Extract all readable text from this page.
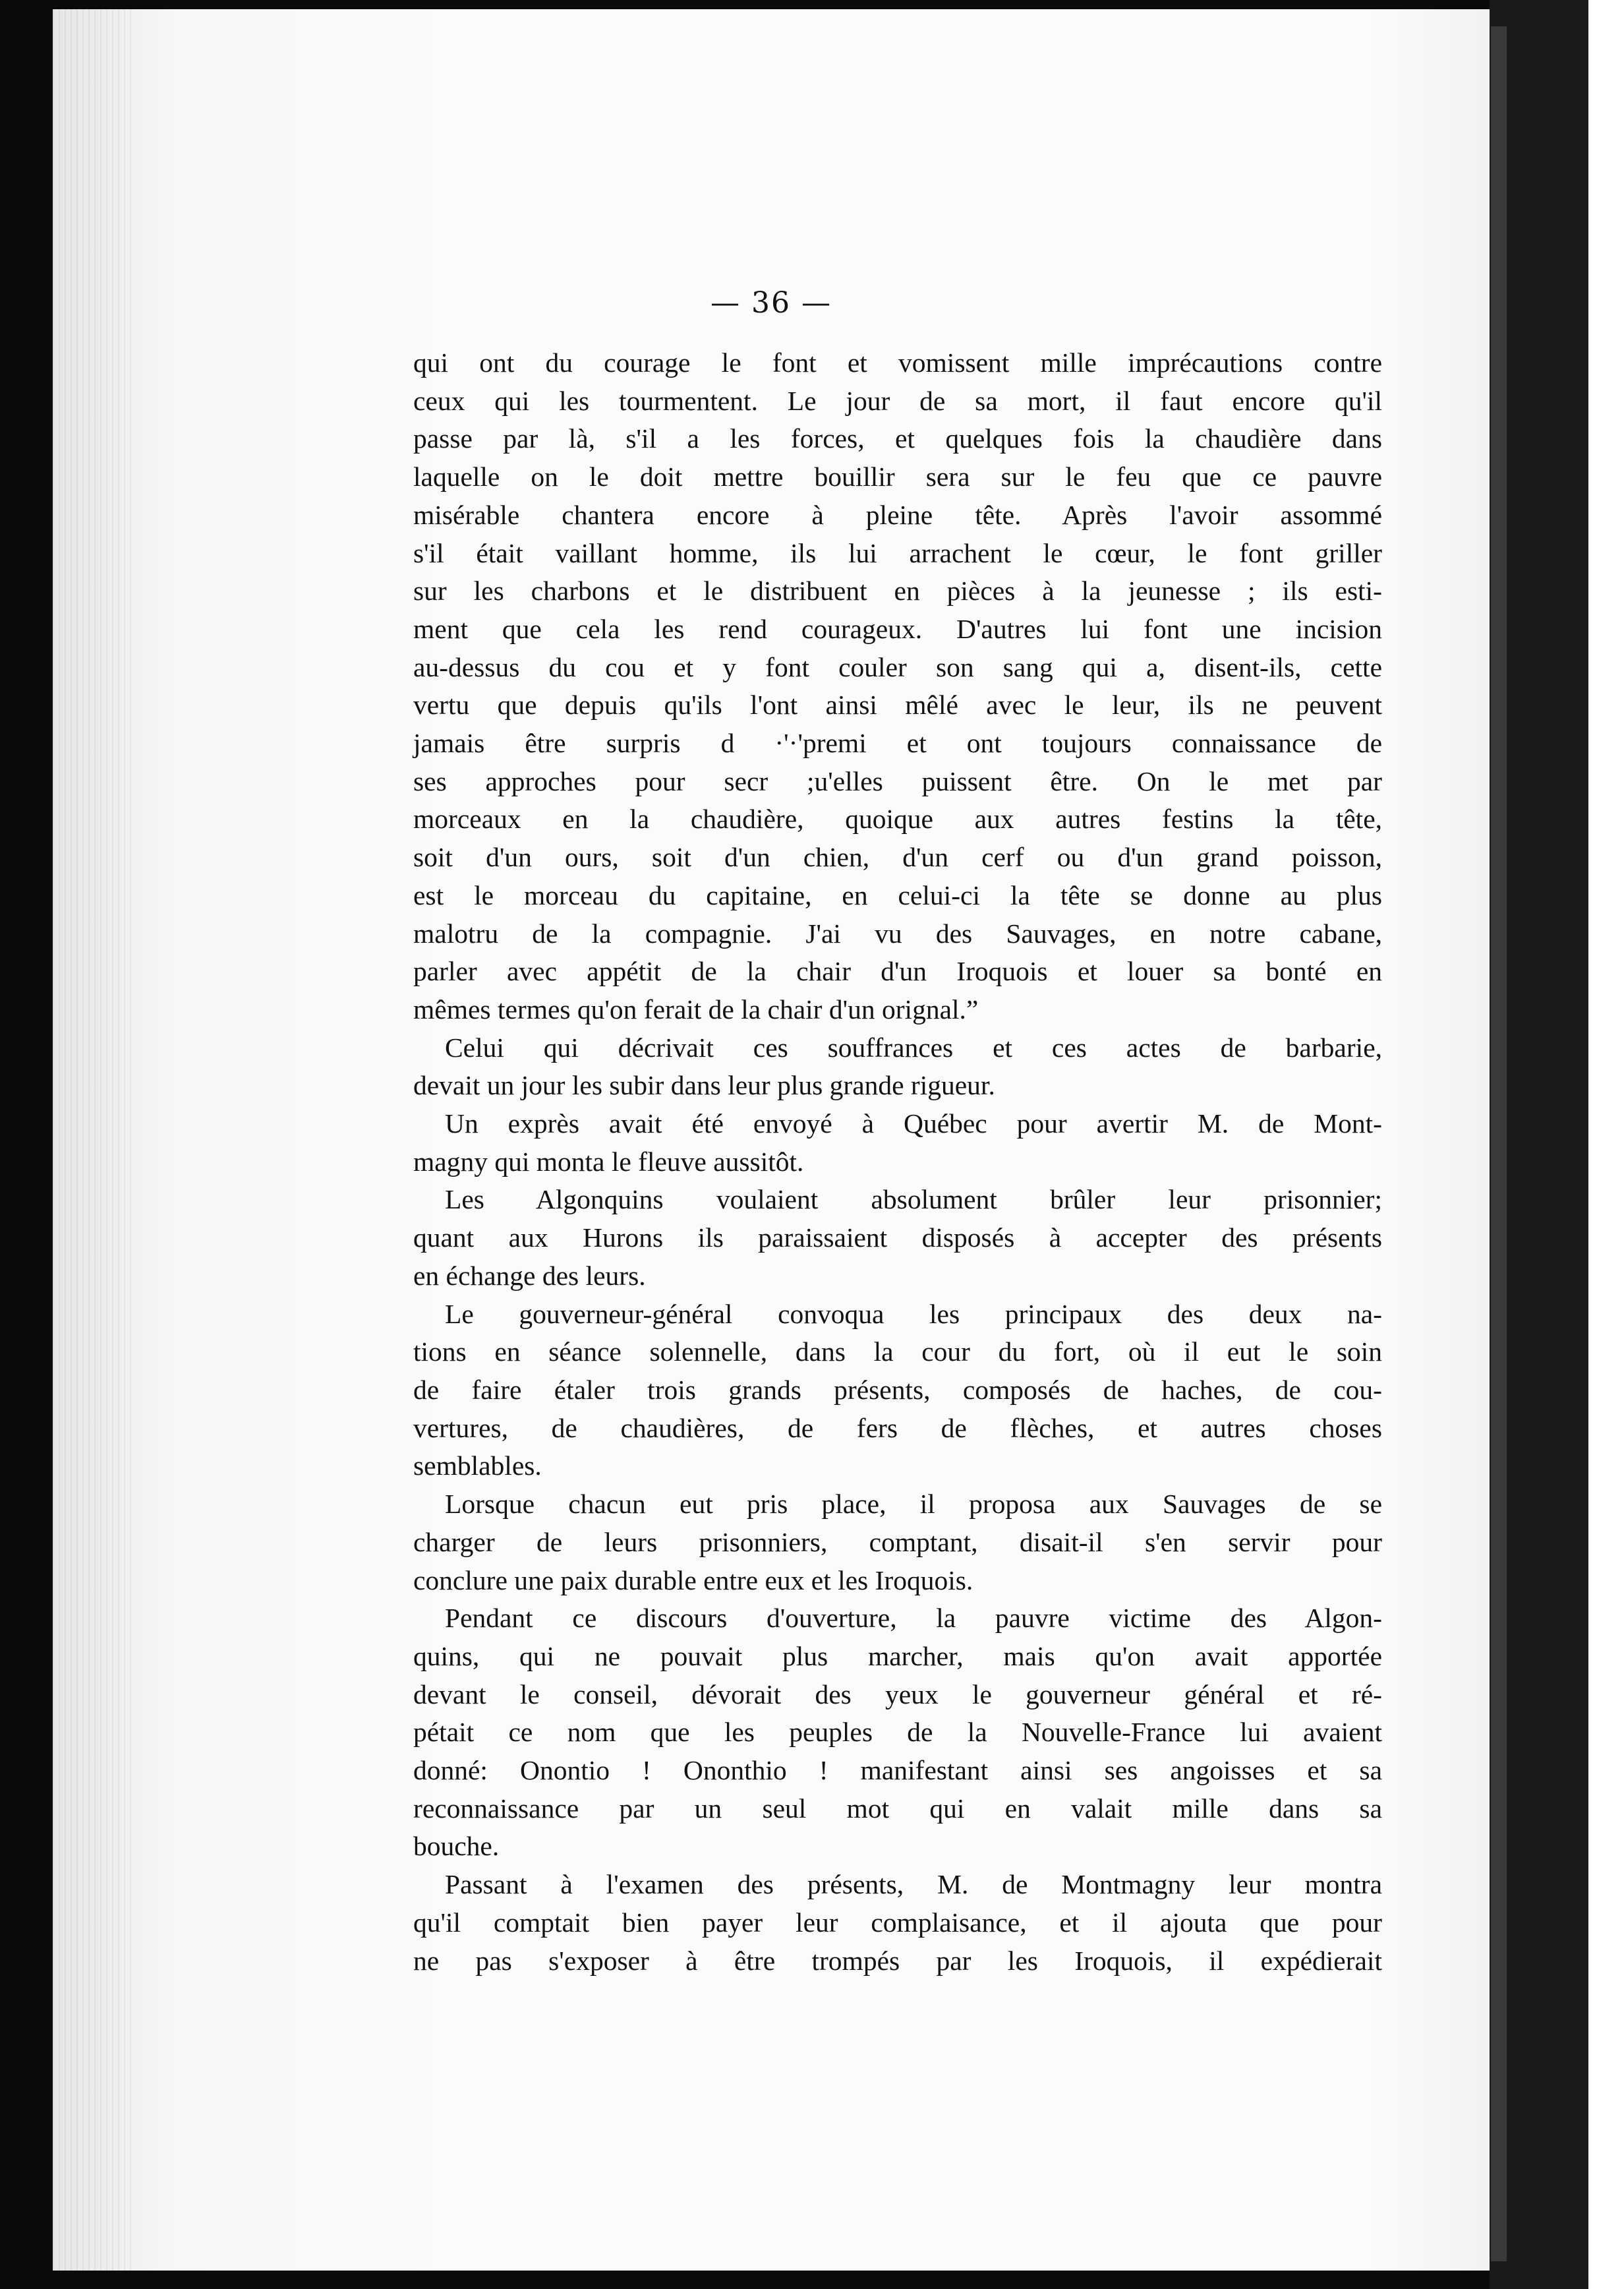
— 36 —
qui ont du courage le font et vomissent mille imprécautions contre
ceux qui les tourmentent. Le jour de sa mort, il faut encore qu'il
passe par là, s'il a les forces, et quelques fois la chaudière dans
laquelle on le doit mettre bouillir sera sur le feu que ce pauvre
misérable chantera encore à pleine tête. Après l'avoir assommé
s'il était vaillant homme, ils lui arrachent le cœur, le font griller
sur les charbons et le distribuent en pièces à la jeunesse ; ils esti-
ment que cela les rend courageux. D'autres lui font une incision
au-dessus du cou et y font couler son sang qui a, disent-ils, cette
vertu que depuis qu'ils l'ont ainsi mêlé avec le leur, ils ne peuvent
jamais être surpris d ·'·'premi et ont toujours connaissance de
ses approches pour secr ;u'elles puissent être. On le met par
morceaux en la chaudière, quoique aux autres festins la tête,
soit d'un ours, soit d'un chien, d'un cerf ou d'un grand poisson,
est le morceau du capitaine, en celui-ci la tête se donne au plus
malotru de la compagnie. J'ai vu des Sauvages, en notre cabane,
parler avec appétit de la chair d'un Iroquois et louer sa bonté en
mêmes termes qu'on ferait de la chair d'un orignal.”
Celui qui décrivait ces souffrances et ces actes de barbarie,
devait un jour les subir dans leur plus grande rigueur.
Un exprès avait été envoyé à Québec pour avertir M. de Mont-
magny qui monta le fleuve aussitôt.
Les Algonquins voulaient absolument brûler leur prisonnier;
quant aux Hurons ils paraissaient disposés à accepter des présents
en échange des leurs.
Le gouverneur-général convoqua les principaux des deux na-
tions en séance solennelle, dans la cour du fort, où il eut le soin
de faire étaler trois grands présents, composés de haches, de cou-
vertures, de chaudières, de fers de flèches, et autres choses
semblables.
Lorsque chacun eut pris place, il proposa aux Sauvages de se
charger de leurs prisonniers, comptant, disait-il s'en servir pour
conclure une paix durable entre eux et les Iroquois.
Pendant ce discours d'ouverture, la pauvre victime des Algon-
quins, qui ne pouvait plus marcher, mais qu'on avait apportée
devant le conseil, dévorait des yeux le gouverneur général et ré-
pétait ce nom que les peuples de la Nouvelle-France lui avaient
donné: Onontio ! Ononthio ! manifestant ainsi ses angoisses et sa
reconnaissance par un seul mot qui en valait mille dans sa
bouche.
Passant à l'examen des présents, M. de Montmagny leur montra
qu'il comptait bien payer leur complaisance, et il ajouta que pour
ne pas s'exposer à être trompés par les Iroquois, il expédierait
